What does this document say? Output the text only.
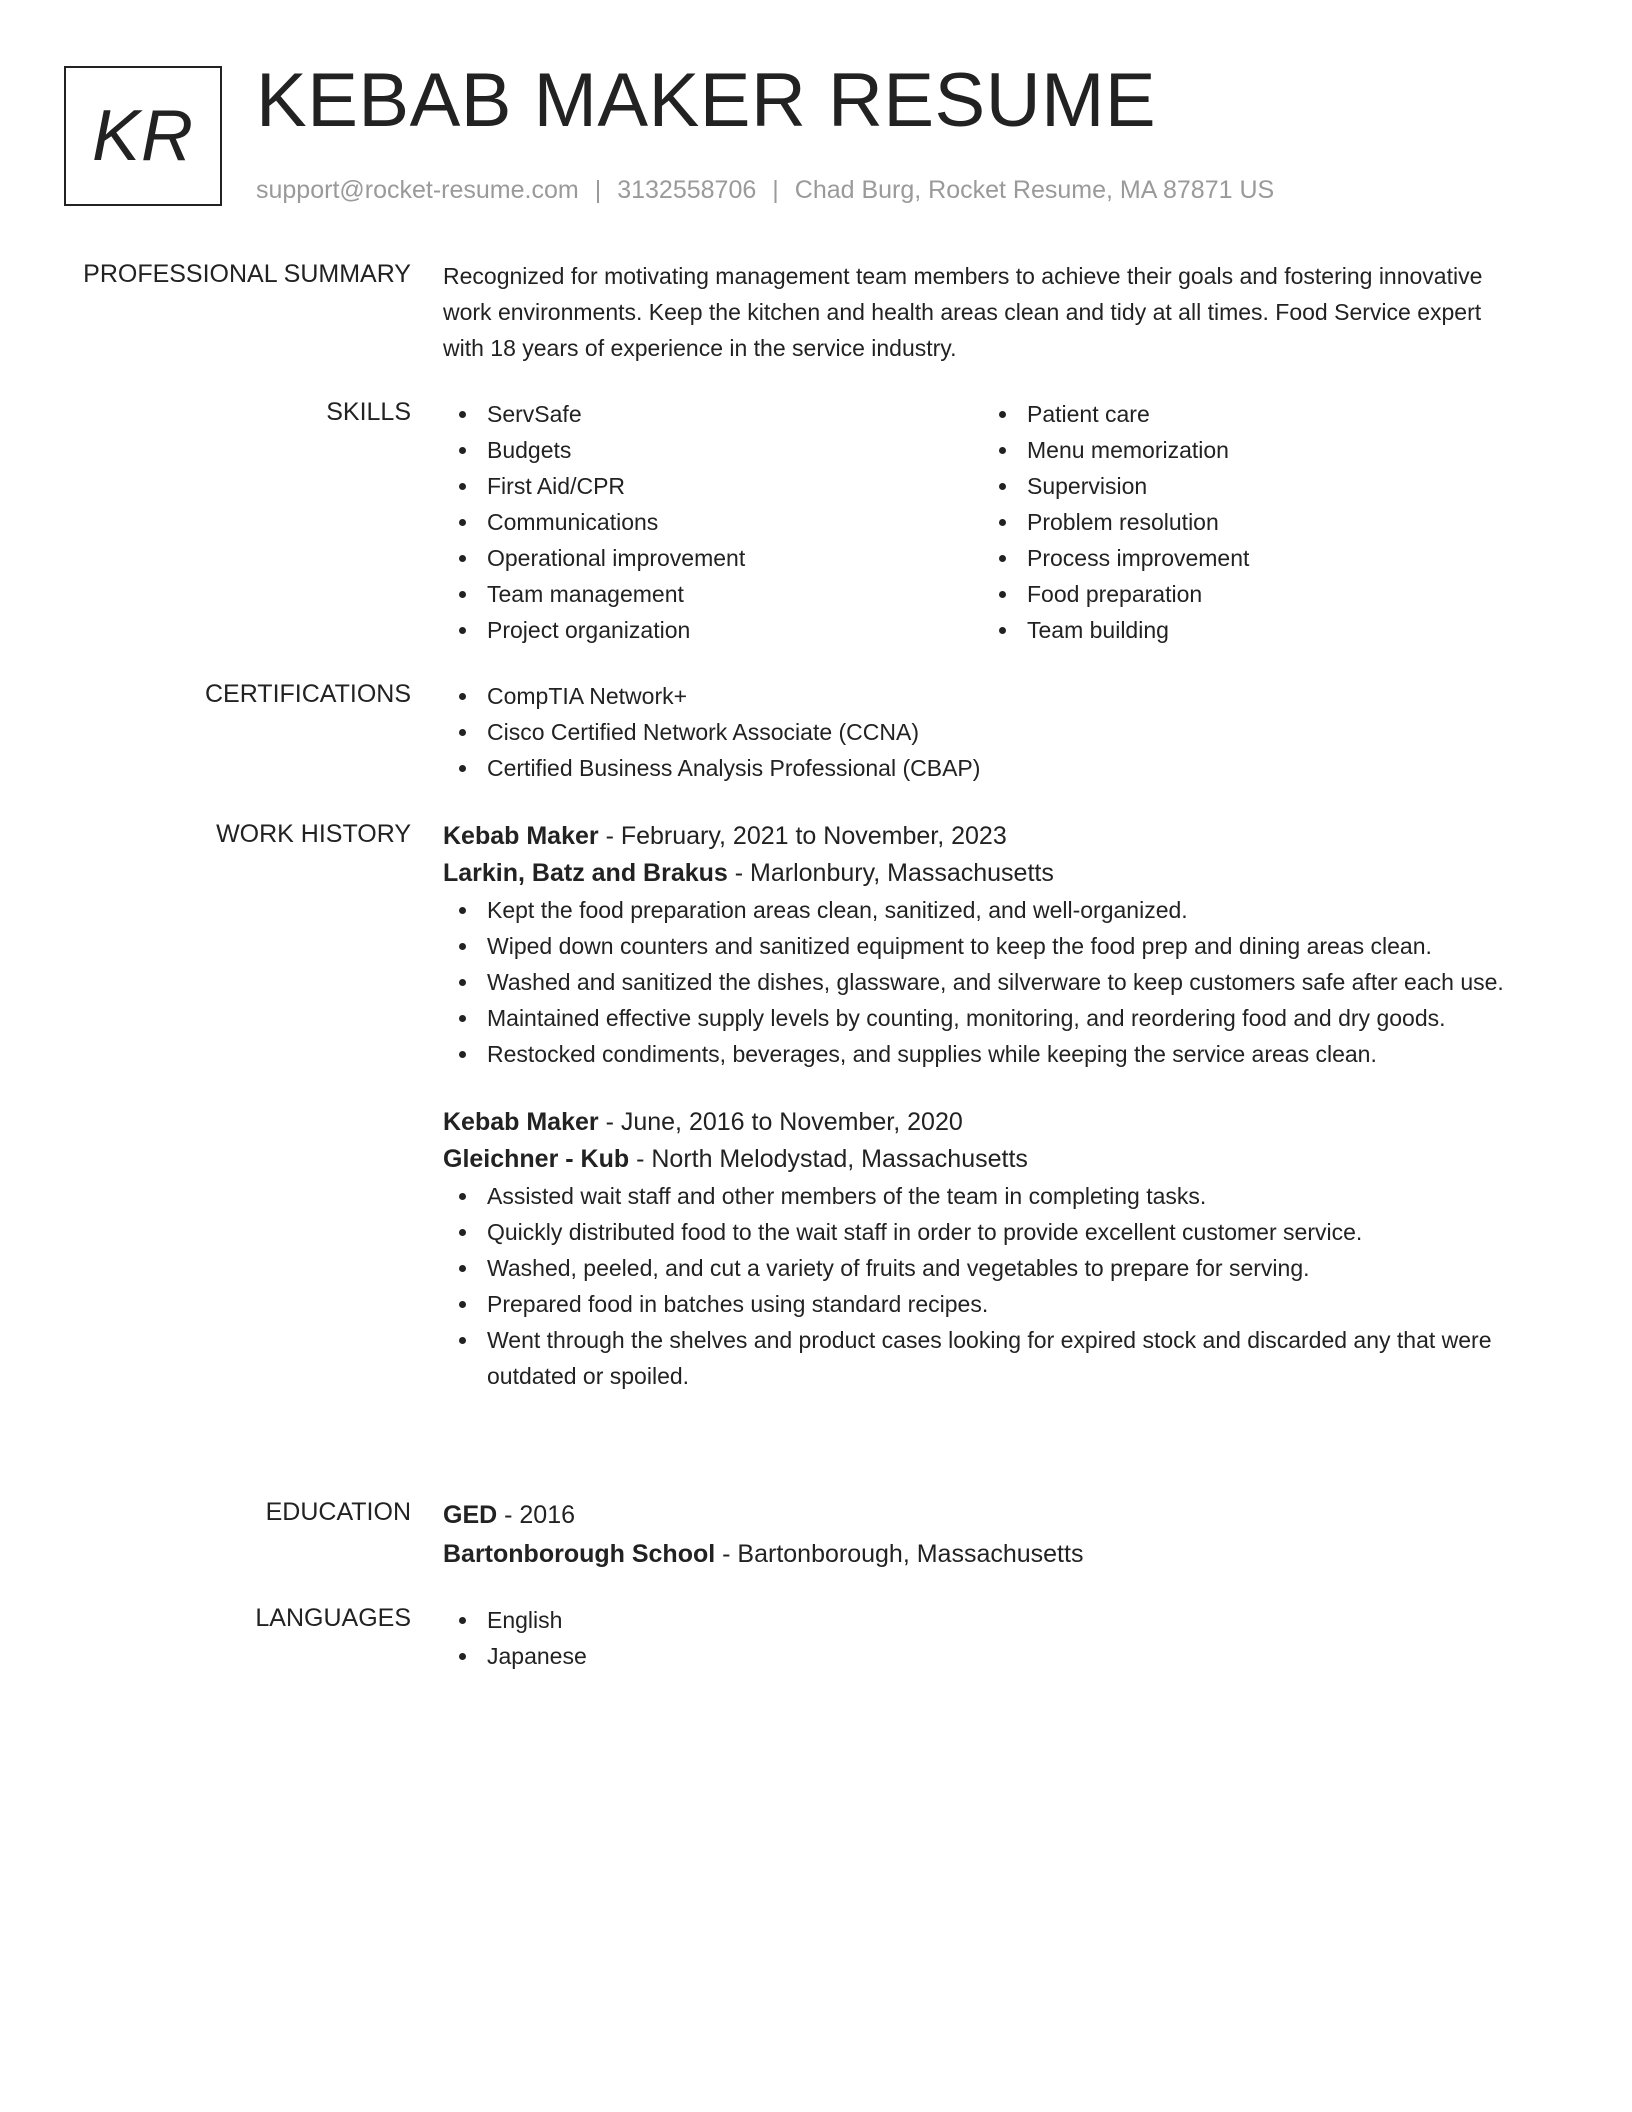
KR KEBAB MAKER RESUME
support@rocket-resume.com | 3132558706 | Chad Burg, Rocket Resume, MA 87871 US
PROFESSIONAL SUMMARY Recognized for motivating management team members to achieve their goals and fostering innovative work environments. Keep the kitchen and health areas clean and tidy at all times. Food Service expert with 18 years of experience in the service industry.

SKILLS	ServSafe
Budgets
First Aid/CPR
Communications
Operational improvement
Team management
Project organization
Patient care
Menu memorization
Supervision
Problem resolution
Process improvement
Food preparation
Team building
CERTIFICATIONS	CompTIA Network+
Cisco Certified Network Associate (CCNA)
Certified Business Analysis Professional (CBAP)
WORK HISTORY Kebab Maker - February, 2021 to November, 2023
Larkin, Batz and Brakus - Marlonbury, Massachusetts
Kept the food preparation areas clean, sanitized, and well-organized.
Wiped down counters and sanitized equipment to keep the food prep and dining areas clean.
Washed and sanitized the dishes, glassware, and silverware to keep customers safe after each use.
Maintained effective supply levels by counting, monitoring, and reordering food and dry goods.
Restocked condiments, beverages, and supplies while keeping the service areas clean.
Kebab Maker - June, 2016 to November, 2020
Gleichner - Kub - North Melodystad, Massachusetts
Assisted wait staff and other members of the team in completing tasks.
Quickly distributed food to the wait staff in order to provide excellent customer service.
Washed, peeled, and cut a variety of fruits and vegetables to prepare for serving.
Prepared food in batches using standard recipes.
Went through the shelves and product cases looking for expired stock and discarded any that were outdated or spoiled.
EDUCATION GED - 2016
Bartonborough School - Bartonborough, Massachusetts
LANGUAGES	English
Japanese
